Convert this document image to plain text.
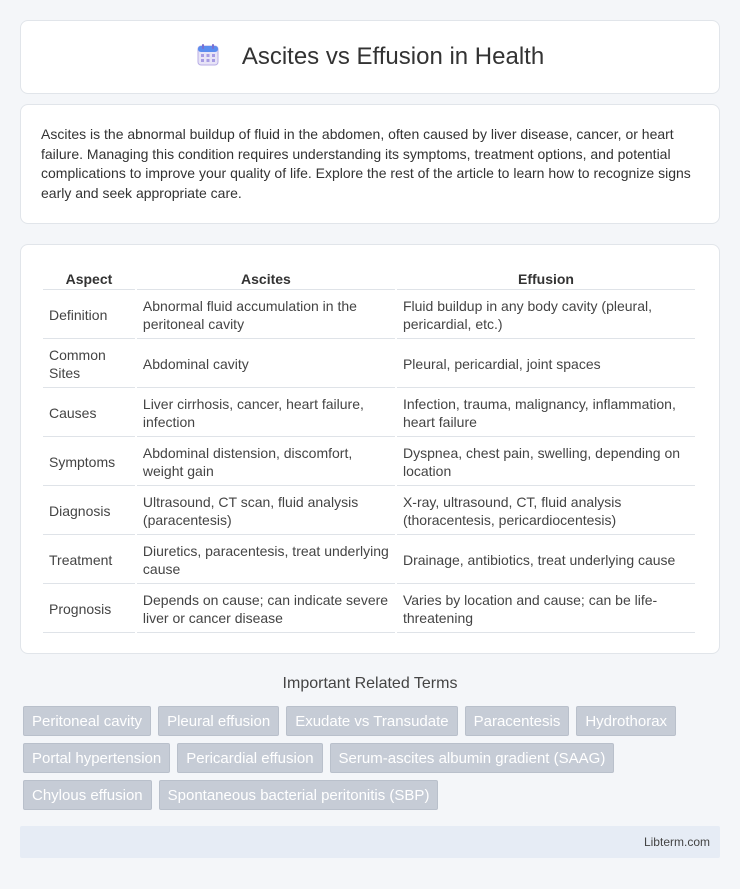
Ascites vs Effusion in Health

Ascites is the abnormal buildup of fluid in the abdomen, often caused by liver disease, cancer, or heart failure. Managing this condition requires understanding its symptoms, treatment options, and potential complications to improve your quality of life. Explore the rest of the article to learn how to recognize signs early and seek appropriate care.

Aspect	Ascites	Effusion
Definition	Abnormal fluid accumulation in the peritoneal cavity	Fluid buildup in any body cavity (pleural, pericardial, etc.)
Common Sites	Abdominal cavity	Pleural, pericardial, joint spaces
Causes	Liver cirrhosis, cancer, heart failure, infection	Infection, trauma, malignancy, inflammation, heart failure
Symptoms	Abdominal distension, discomfort, weight gain	Dyspnea, chest pain, swelling, depending on location
Diagnosis	Ultrasound, CT scan, fluid analysis (paracentesis)	X-ray, ultrasound, CT, fluid analysis (thoracentesis, pericardiocentesis)
Treatment	Diuretics, paracentesis, treat underlying cause	Drainage, antibiotics, treat underlying cause
Prognosis	Depends on cause; can indicate severe liver or cancer disease	Varies by location and cause; can be life-threatening
Important Related Terms
Peritoneal cavity	Pleural effusion	Exudate vs Transudate	Paracentesis	Hydrothorax
Portal hypertension	Pericardial effusion	Serum-ascites albumin gradient (SAAG)
Chylous effusion	Spontaneous bacterial peritonitis (SBP)
Libterm.com
